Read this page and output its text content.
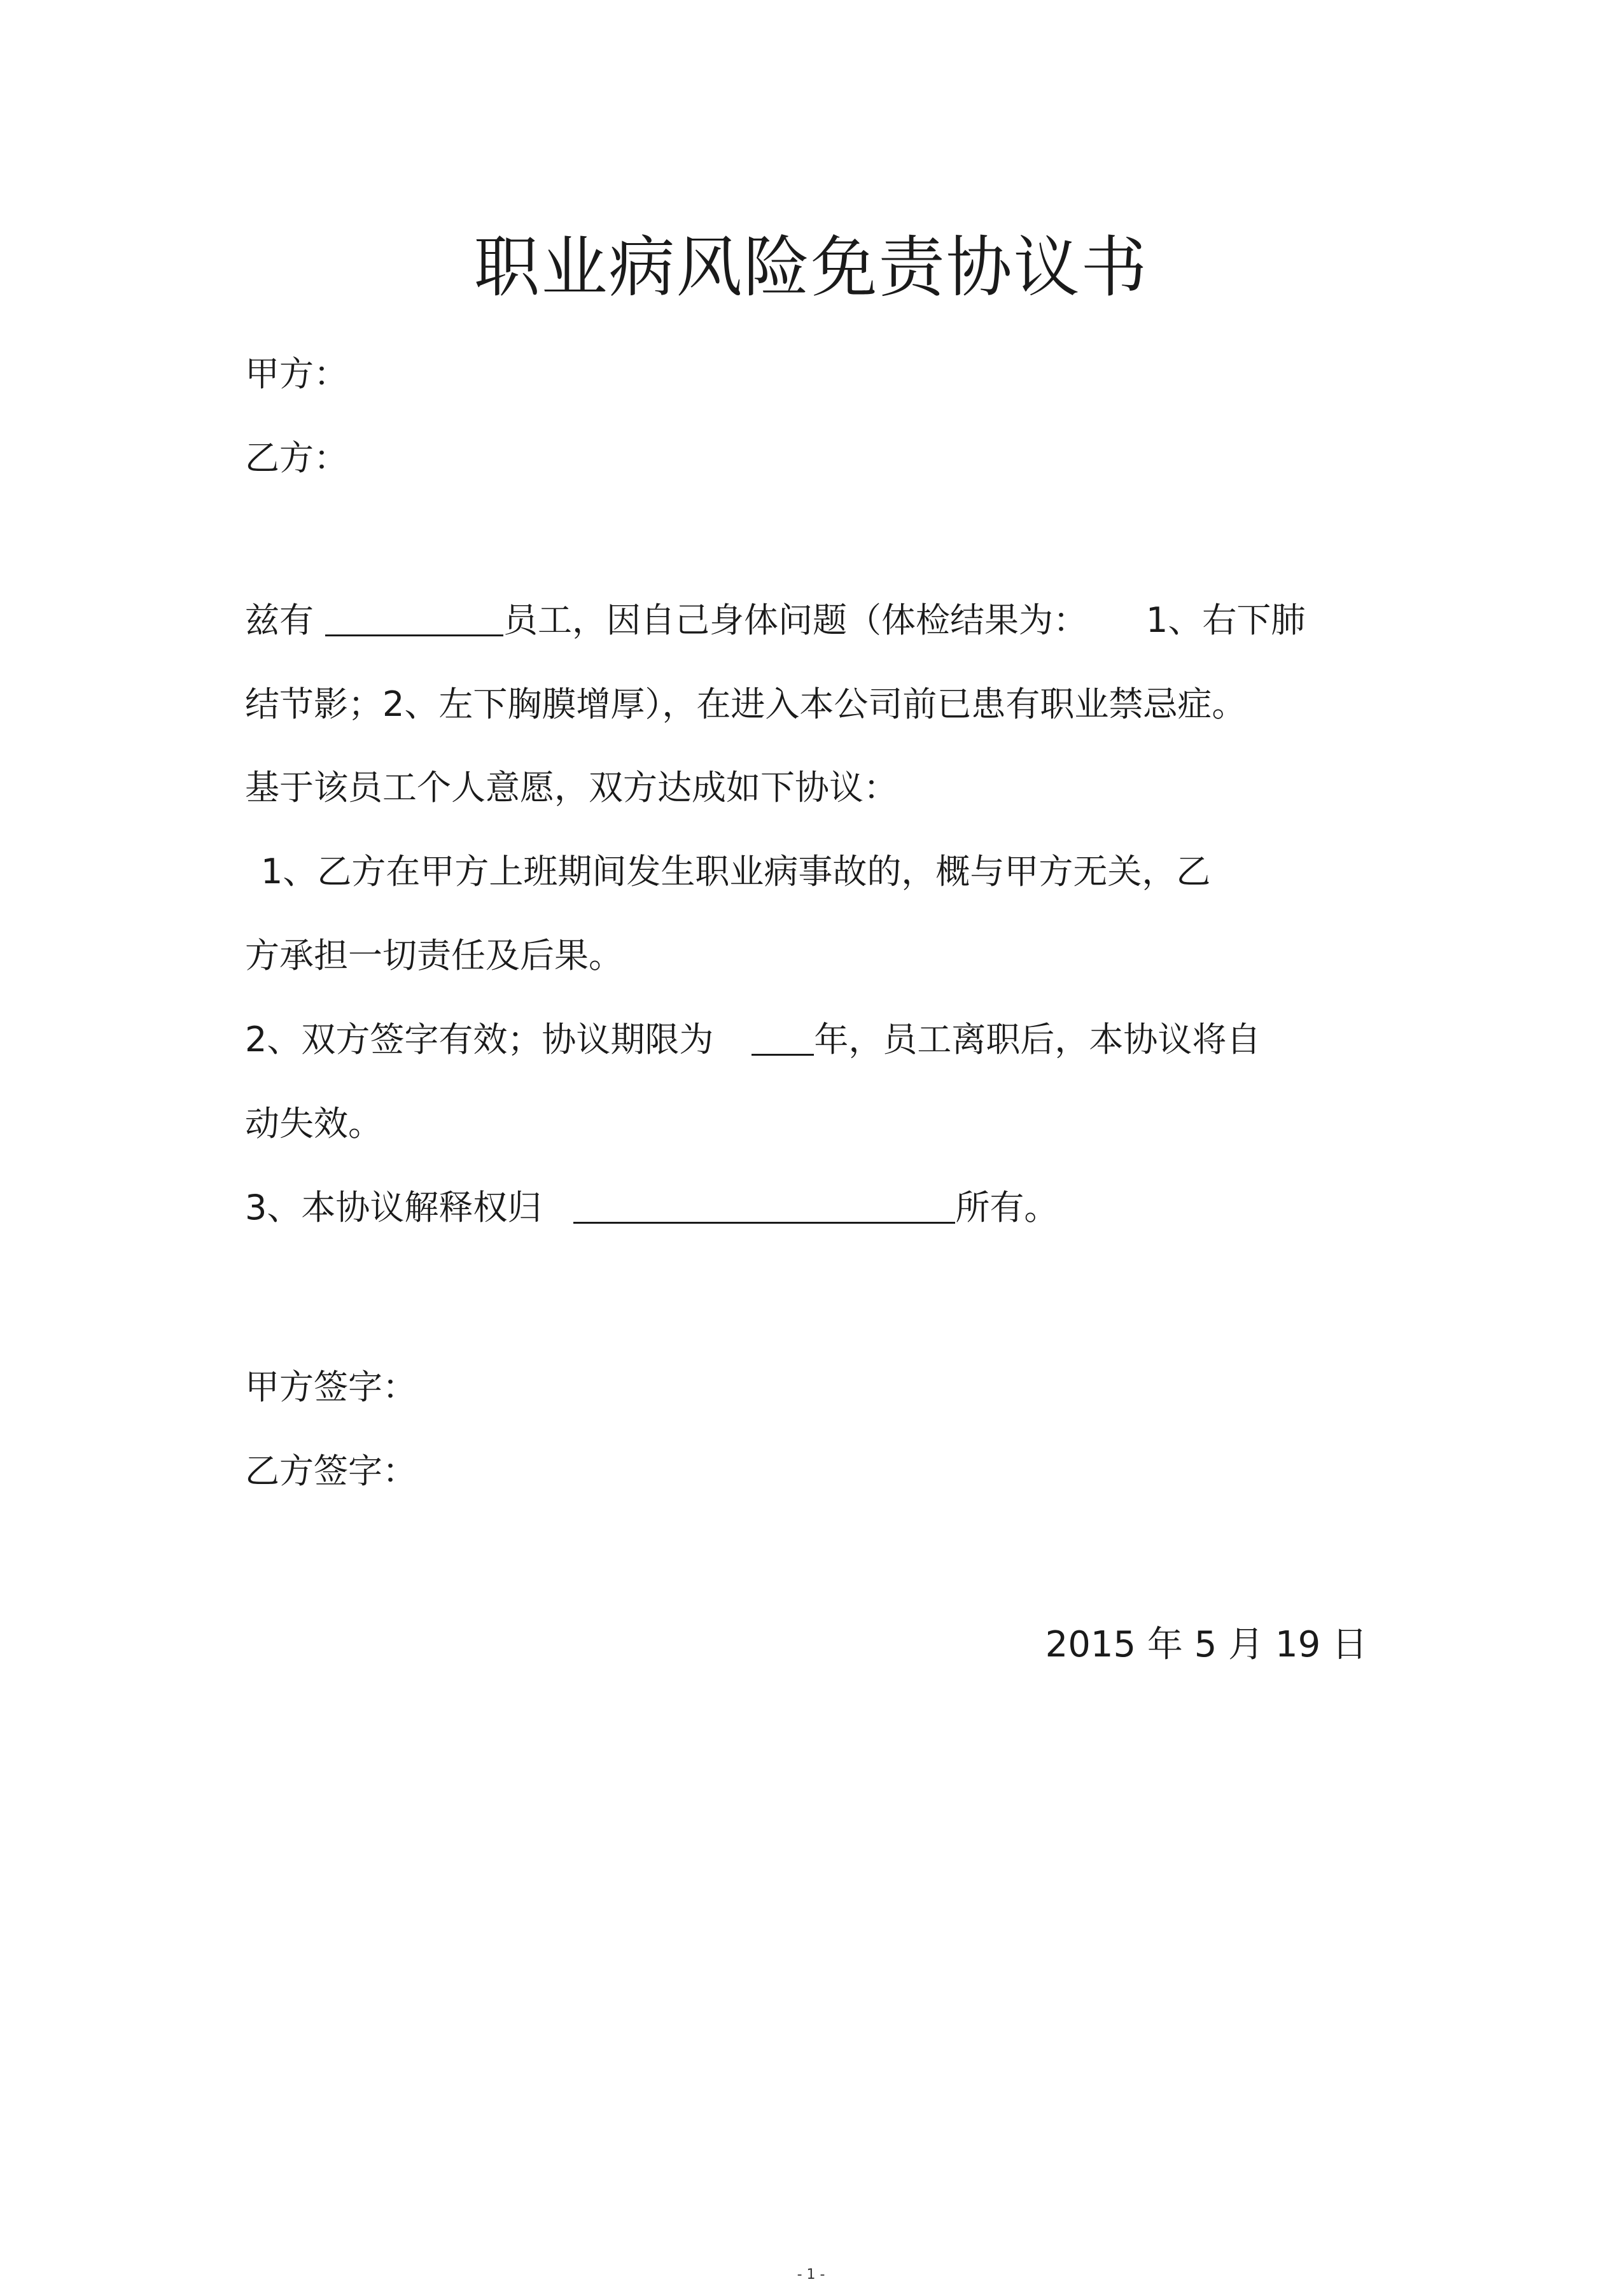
职业病风险免责协议书
甲方：
乙方：
兹有	员工，因自己身体问题（体检结果为： 1、右下肺
结节影；2、左下胸膜增厚），在进入本公司前已患有职业禁忌症。
基于该员工个人意愿，双方达成如下协议：
1、乙方在甲方上班期间发生职业病事故的，概与甲方无关，乙
方承担一切责任及后果。
2、双方签字有效；协议期限为	年，员工离职后，本协议将自
动失效。
3、本协议解释权归	所有。
甲方签字：
乙方签字：
2015 年 5 月 19 日
- 1 -
